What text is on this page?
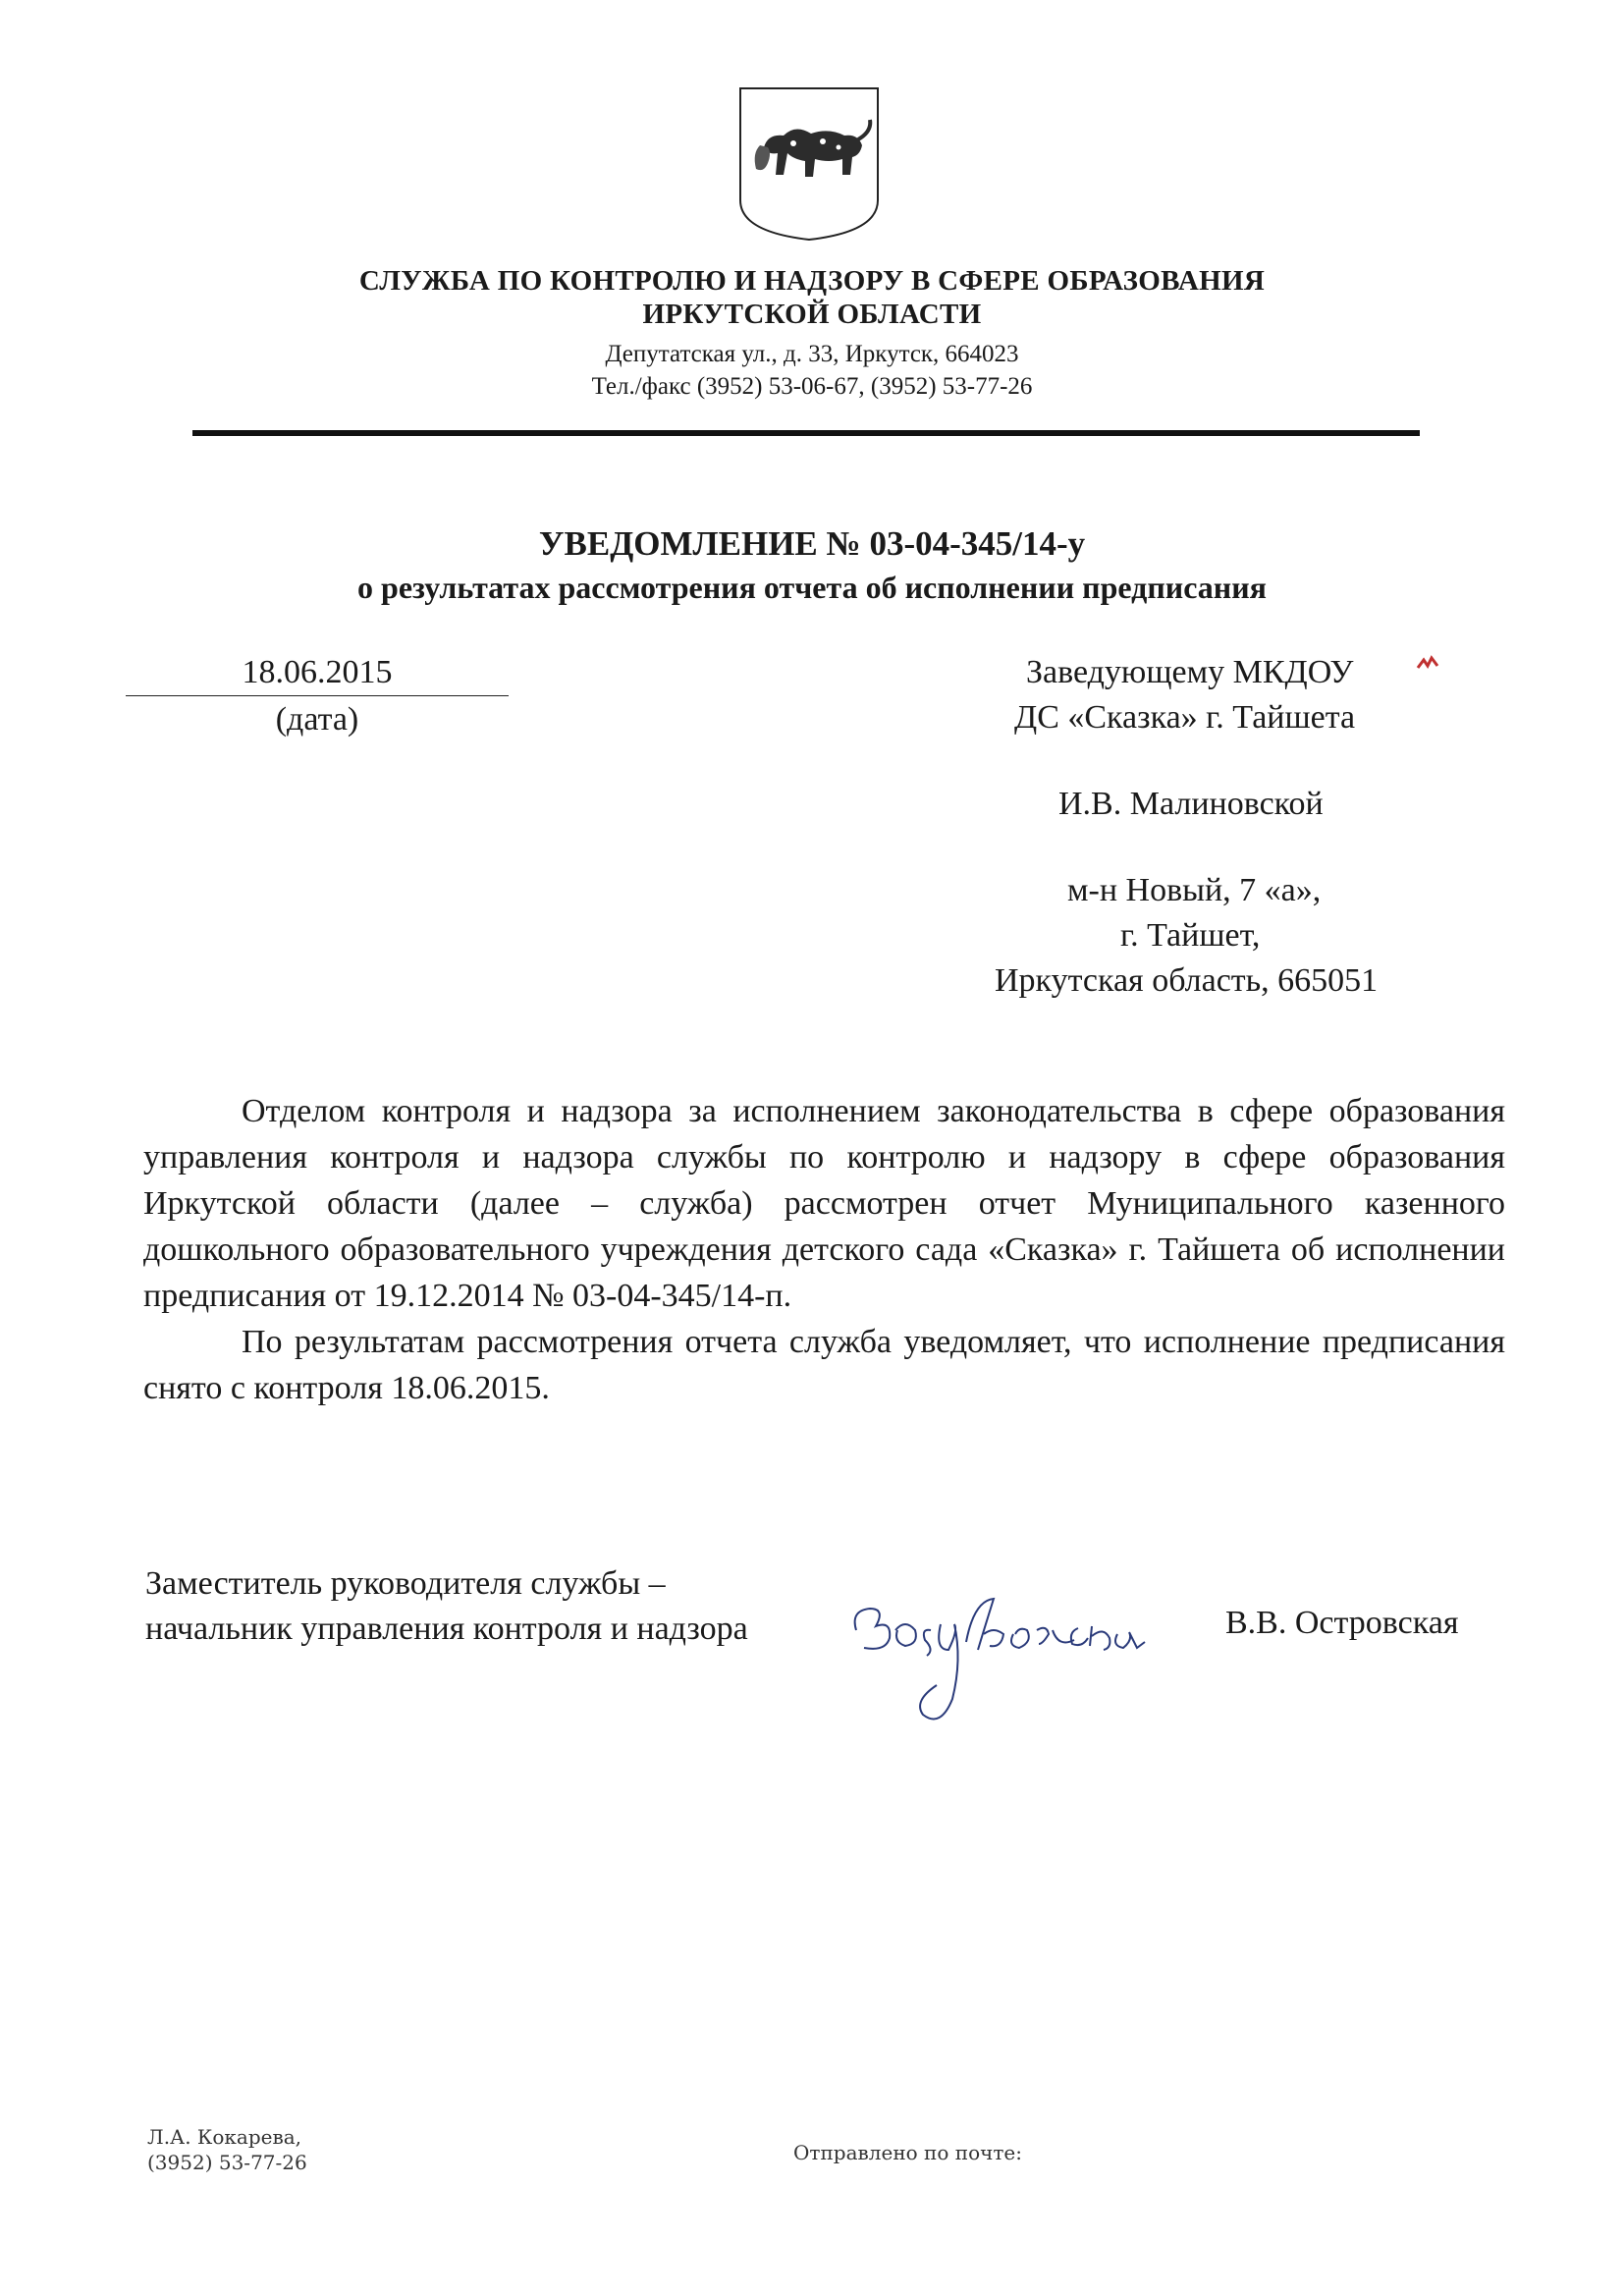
СЛУЖБА ПО КОНТРОЛЮ И НАДЗОРУ В СФЕРЕ ОБРАЗОВАНИЯ
ИРКУТСКОЙ ОБЛАСТИ
Депутатская ул., д. 33, Иркутск, 664023
Тел./факс (3952) 53-06-67, (3952) 53-77-26
УВЕДОМЛЕНИЕ № 03-04-345/14-у
о результатах рассмотрения отчета об исполнении предписания
18.06.2015
(дата)
Заведующему МКДОУ
ДС «Сказка» г. Тайшета
И.В. Малиновской
м-н Новый, 7 «а»,
г. Тайшет,
Иркутская область, 665051

Отделом контроля и надзора за исполнением законодательства в сфере образования управления контроля и надзора службы по контролю и надзору в сфере образования Иркутской области (далее – служба) рассмотрен отчет Муниципального казенного дошкольного образовательного учреждения детского сада «Сказка» г. Тайшета об исполнении предписания от 19.12.2014 № 03-04-345/14-п.

По результатам рассмотрения отчета служба уведомляет, что исполнение предписания снято с контроля 18.06.2015.

Заместитель руководителя службы –
начальник управления контроля и надзора	В.В. Островская
Л.А. Кокарева,
(3952) 53-77-26	Отправлено по почте:
